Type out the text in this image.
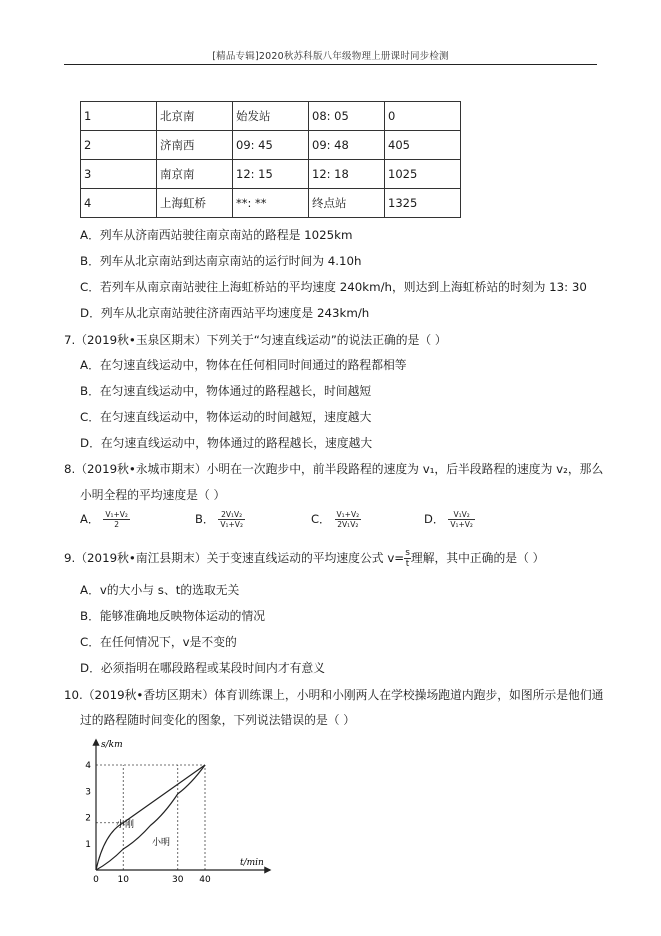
[精品专辑]2020秋苏科版八年级物理上册课时同步检测
1	北京南	始发站	08: 05	0
2	济南西	09: 45	09: 48	405
3	南京南	12: 15	12: 18	1025
4	上海虹桥	**: **	终点站	1325
A．列车从济南西站驶往南京南站的路程是 1025km
B．列车从北京南站到达南京南站的运行时间为 4.10h
C．若列车从南京南站驶往上海虹桥站的平均速度 240km/h，则达到上海虹桥站的时刻为 13: 30
D．列车从北京南站驶往济南西站平均速度是 243km/h
7.（2019秋•玉泉区期末）下列关于“匀速直线运动”的说法正确的是（ ）
A．在匀速直线运动中，物体在任何相同时间通过的路程都相等
B．在匀速直线运动中，物体通过的路程越长，时间越短
C．在匀速直线运动中，物体运动的时间越短，速度越大
D．在匀速直线运动中，物体通过的路程越长，速度越大
8.（2019秋•永城市期末）小明在一次跑步中，前半段路程的速度为 v₁，后半段路程的速度为 v₂，那么
小明全程的平均速度是（ ）
A． $\frac{\text{V₁+V₂}}{2}$	B． $\frac{\text{2V₁V₂}}{\text{V₁+V₂}}$	C． $\frac{\text{V₁+V₂}}{\text{2V₁V₂}}$	D． $\frac{\text{V₁V₂}}{\text{V₁+V₂}}$
9.（2019秋•南江县期末）关于变速直线运动的平均速度公式 $v= \frac{s}{t}$ 理解，其中正确的是（ ）
A．v的大小与 s、t的选取无关
B．能够准确地反映物体运动的情况
C．在任何情况下，v是不变的
D．必须指明在哪段路程或某段时间内才有意义
10.（2019秋•香坊区期末）体育训练课上，小明和小刚两人在学校操场跑道内跑步，如图所示是他们通
过的路程随时间变化的图象，下列说法错误的是（ ）
0 10	30 40
1
2
3
4
s/km
t/min
小刚
小明
